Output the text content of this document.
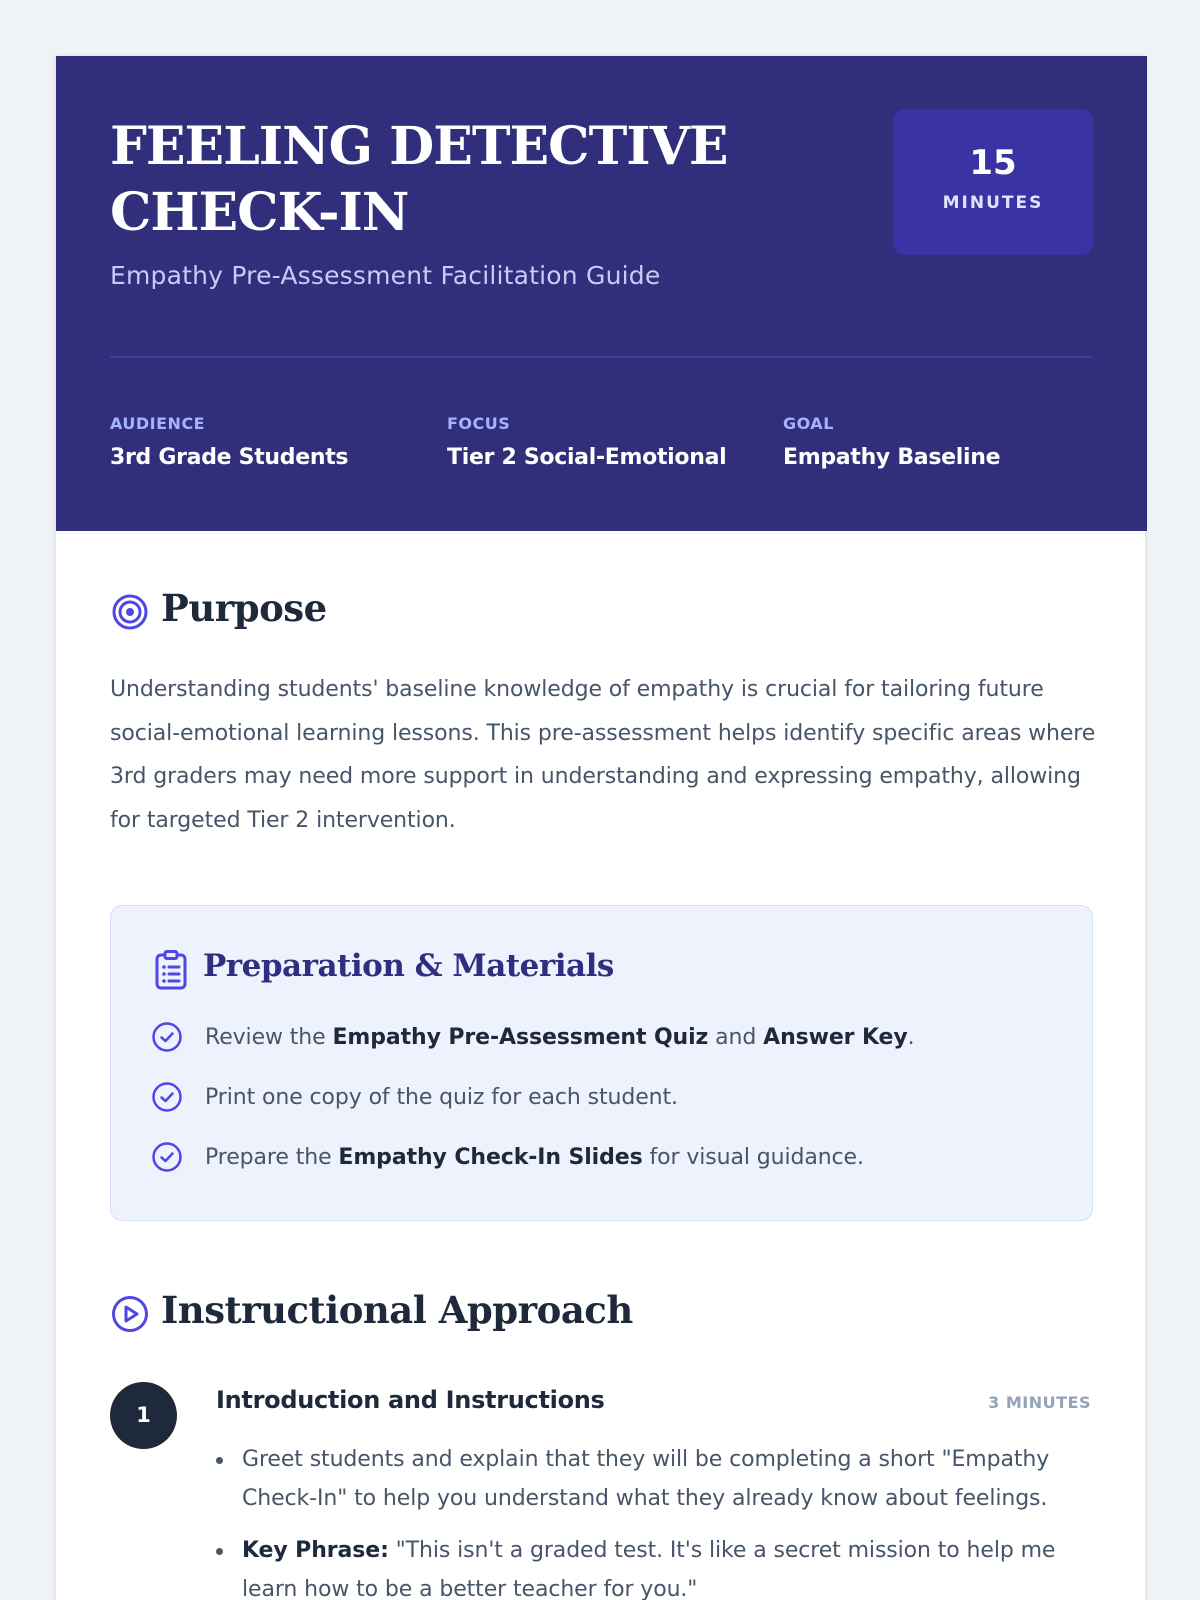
FEELING DETECTIVE CHECK-IN
Empathy Pre-Assessment Facilitation Guide
15
MINUTES
AUDIENCE
3rd Grade Students
FOCUS
Tier 2 Social-Emotional
GOAL
Empathy Baseline
Purpose

Understanding students' baseline knowledge of empathy is crucial for tailoring future social-emotional learning lessons. This pre-assessment helps identify specific areas where 3rd graders may need more support in understanding and expressing empathy, allowing for targeted Tier 2 intervention.

Preparation & Materials
Review the Empathy Pre-Assessment Quiz and Answer Key.
Print one copy of the quiz for each student.
Prepare the Empathy Check-In Slides for visual guidance.
Instructional Approach
1
Introduction and Instructions	3 MINUTES
Greet students and explain that they will be completing a short "Empathy Check-In" to help you understand what they already know about feelings.
Key Phrase: "This isn't a graded test. It's like a secret mission to help me learn how to be a better teacher for you."
